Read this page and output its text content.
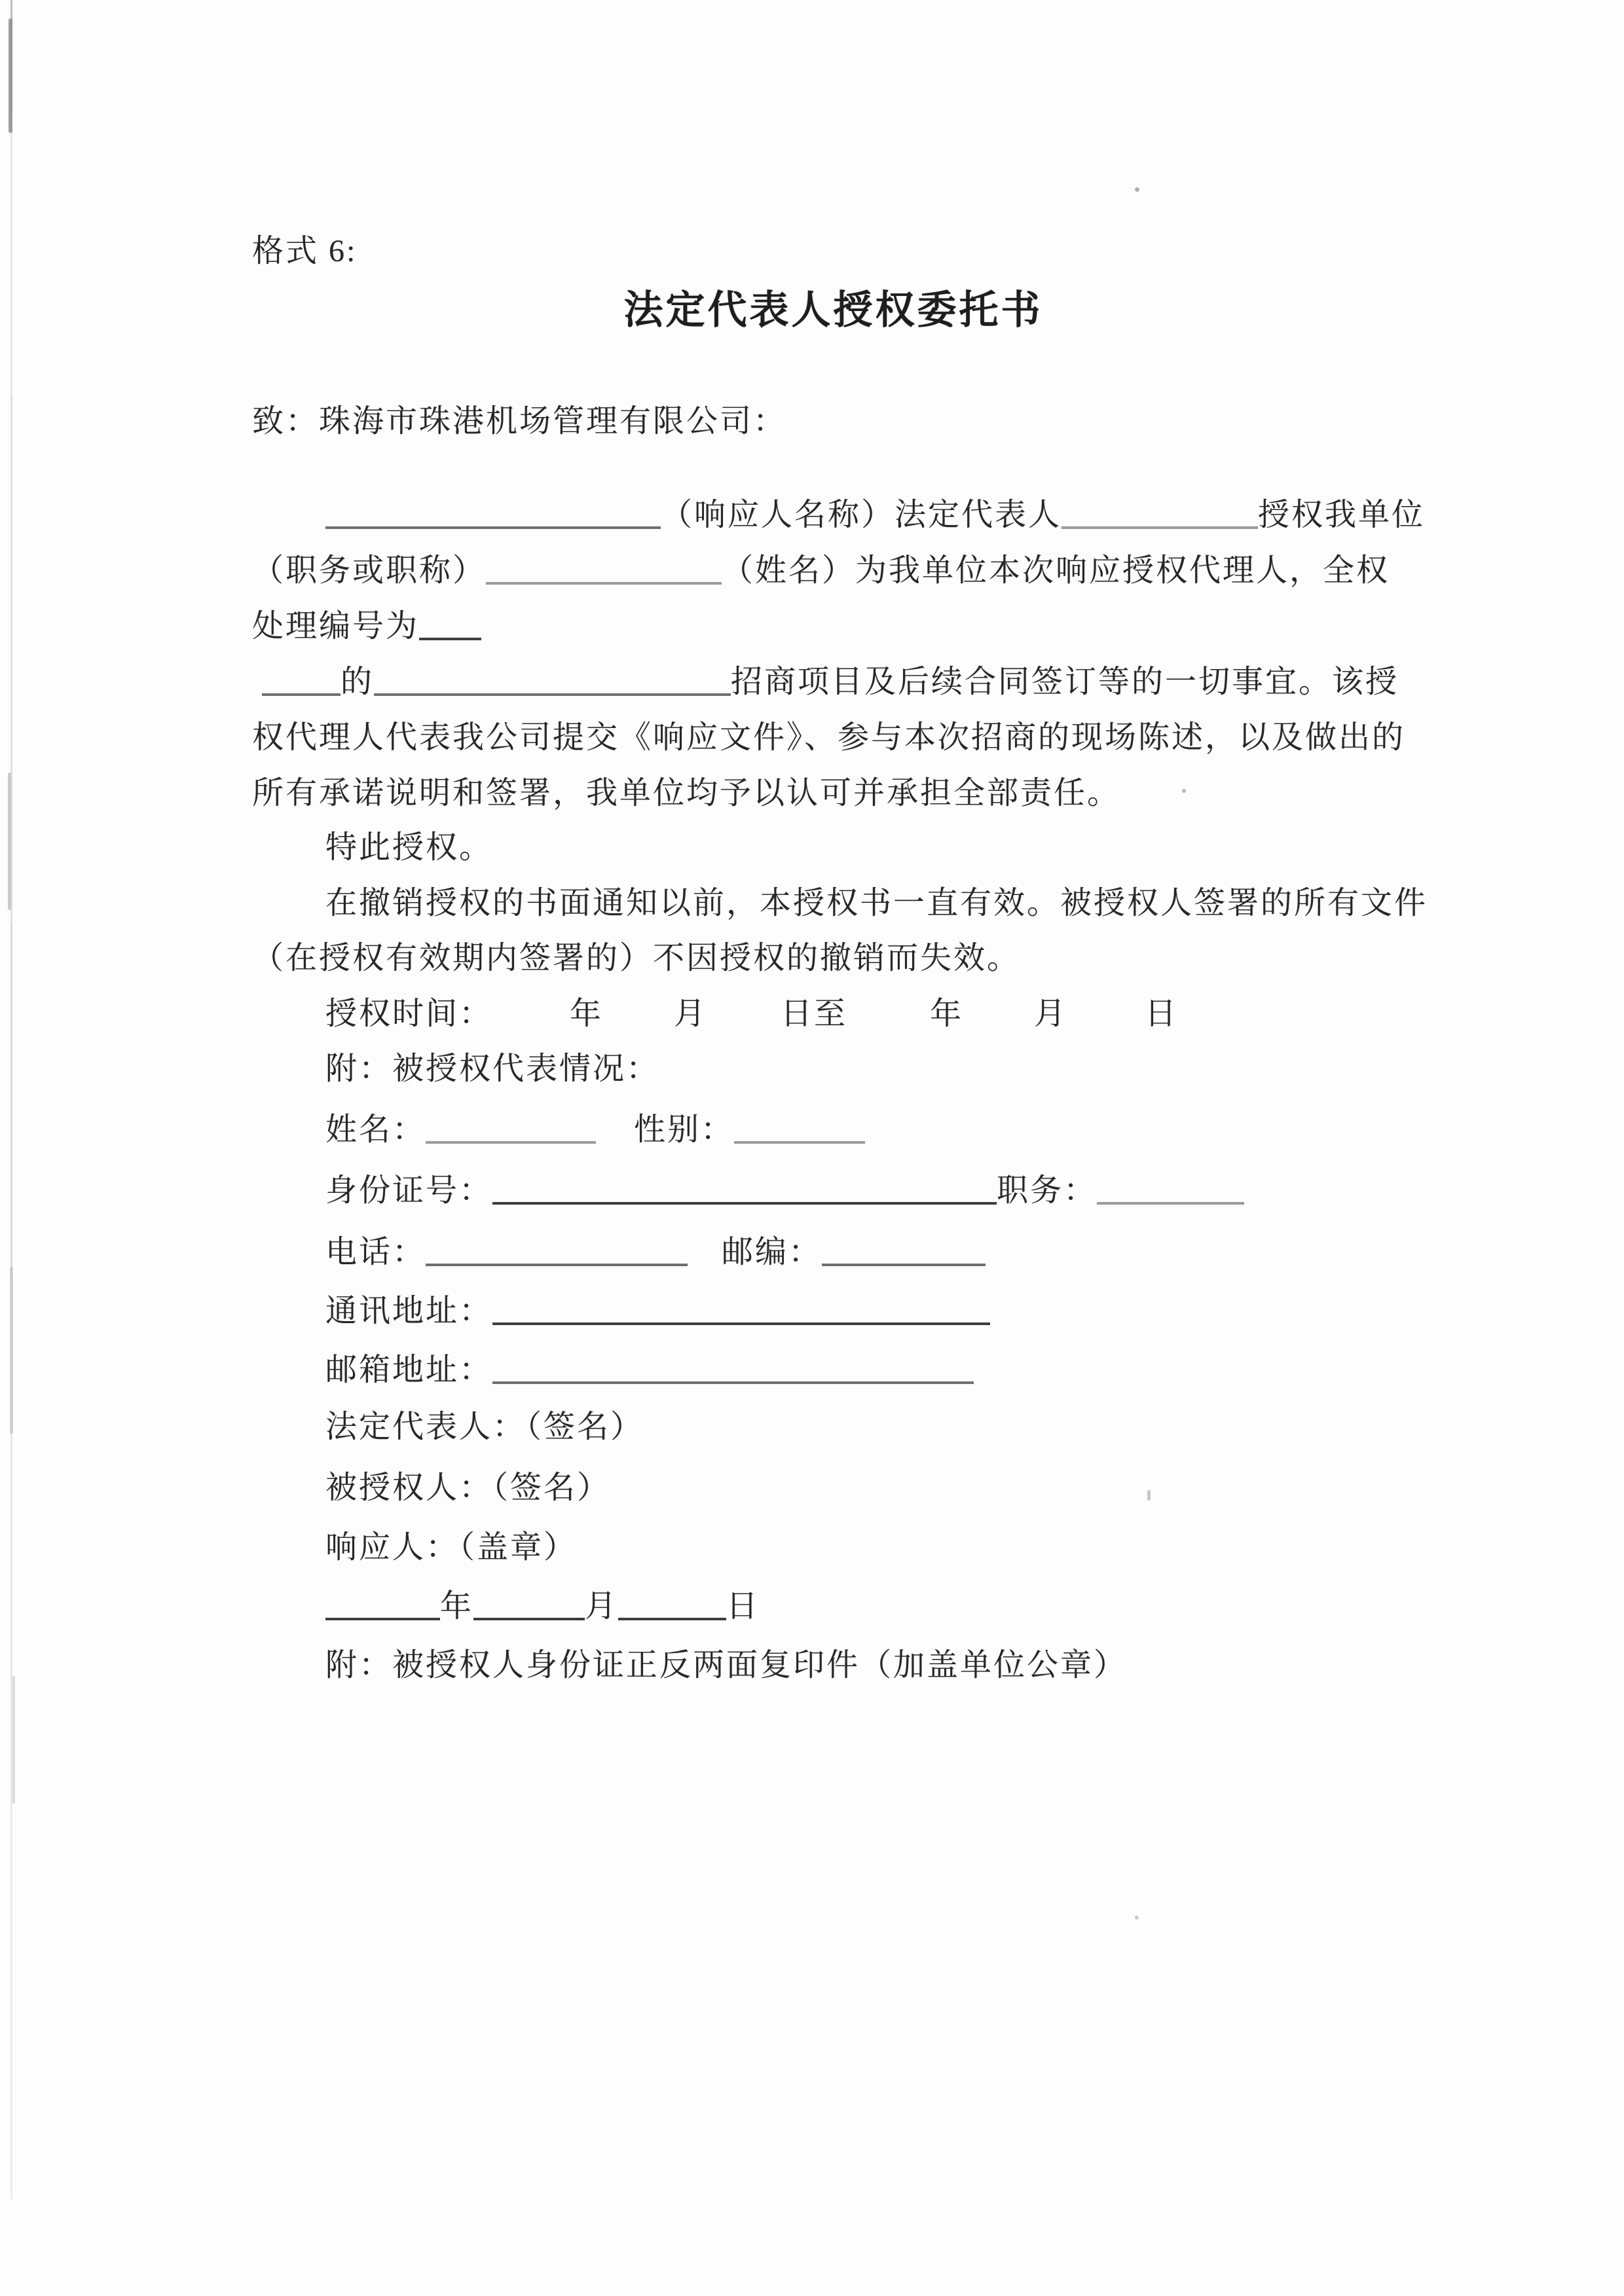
格式 6:
法定代表人授权委托书
致：珠海市珠港机场管理有限公司：
（响应人名称）法定代表人	授权我单位
（职务或职称）	（姓名）为我单位本次响应授权代理人，全权
处理编号为
的	招商项目及后续合同签订等的一切事宜。该授
权代理人代表我公司提交《响应文件》、参与本次招商的现场陈述，以及做出的
所有承诺说明和签署，我单位均予以认可并承担全部责任。
特此授权。
在撤销授权的书面通知以前，本授权书一直有效。被授权人签署的所有文件
（在授权有效期内签署的）不因授权的撤销而失效。
授权时间： 年 月 日至	年 月 日
附：被授权代表情况：
姓名：	性别：
身份证号：	职务：
电话：	邮编：
通讯地址：
邮箱地址：
法定代表人：（签名）
被授权人：（签名）
响应人：（盖章）
年	月	日
附：被授权人身份证正反两面复印件（加盖单位公章）
